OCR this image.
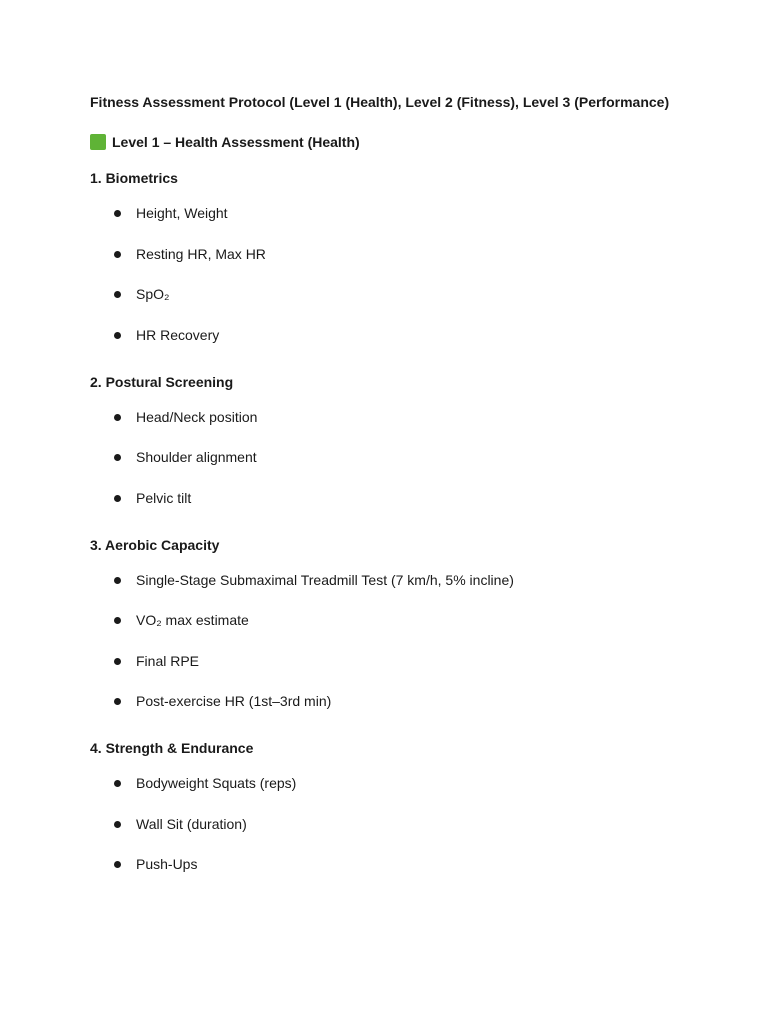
Fitness Assessment Protocol (Level 1 (Health), Level 2 (Fitness), Level 3 (Performance)

Level 1 – Health Assessment (Health)

1. Biometrics

Height, Weight
Resting HR, Max HR
SpO₂
HR Recovery

2. Postural Screening

Head/Neck position
Shoulder alignment
Pelvic tilt

3. Aerobic Capacity

Single-Stage Submaximal Treadmill Test (7 km/h, 5% incline)
VO₂ max estimate
Final RPE
Post-exercise HR (1st–3rd min)

4. Strength & Endurance

Bodyweight Squats (reps)
Wall Sit (duration)
Push-Ups
